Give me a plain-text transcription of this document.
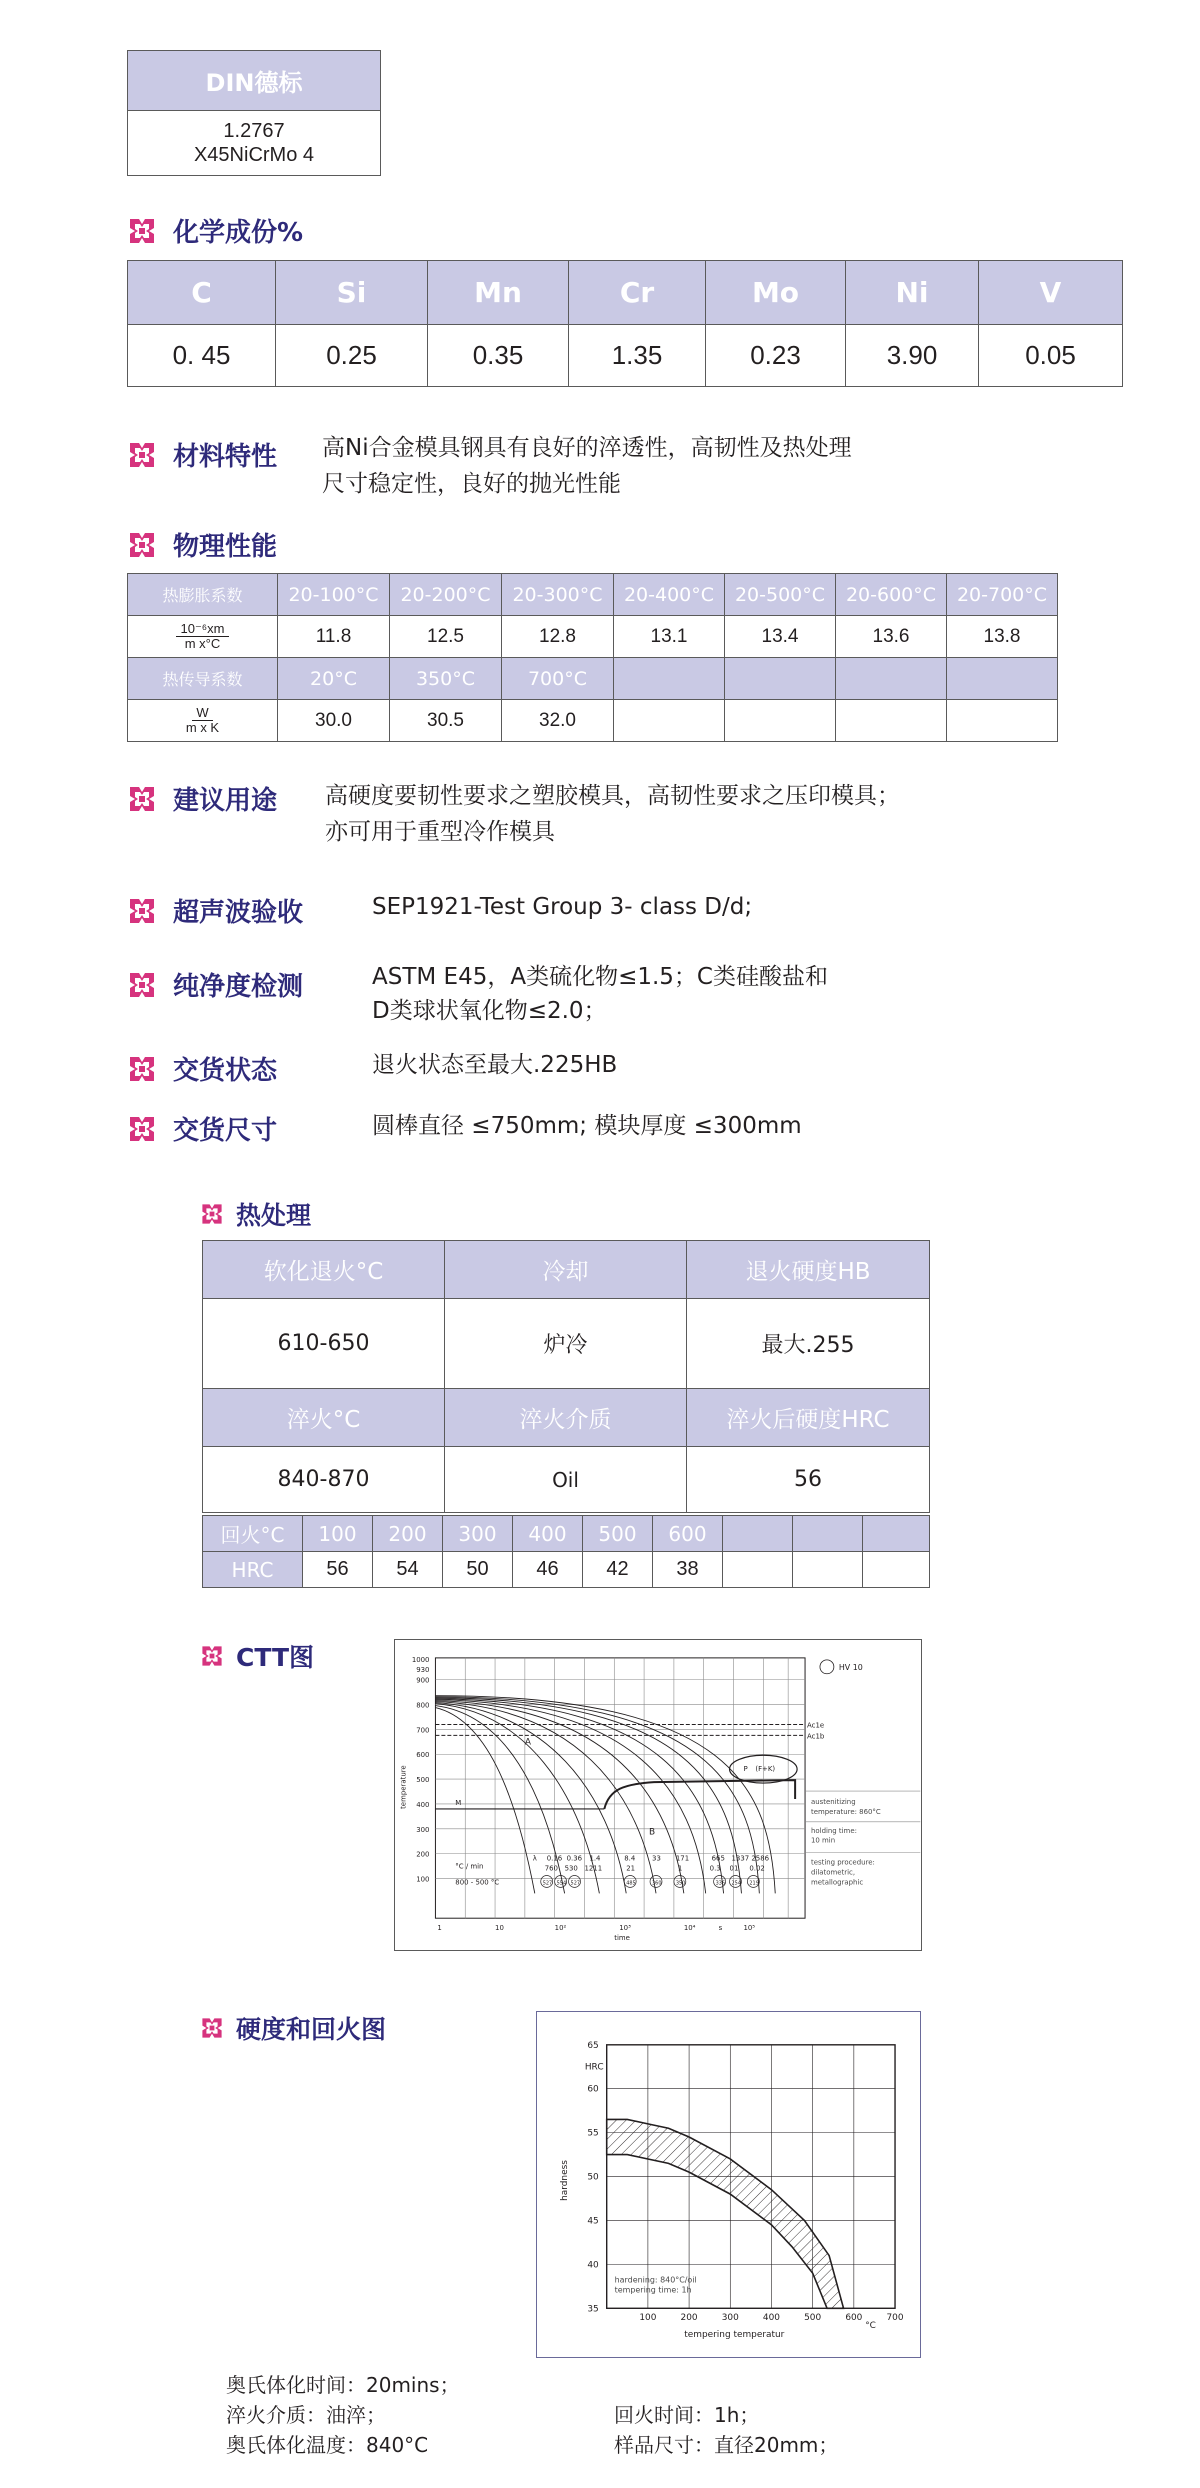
DIN德标
1.2767
X45NiCrMo 4
化学成份%
C	Si	Mn	Cr	Mo	Ni	V
0. 45	0.25	0.35	1.35	0.23	3.90	0.05
材料特性 高Ni合金模具钢具有良好的淬透性，高韧性及热处理
尺寸稳定性，良好的抛光性能
物理性能
热膨胀系数	20-100°C	20-200°C	20-300°C	20-400°C	20-500°C	20-600°C	20-700°C

$\frac{\text{10⁻⁶xm}}{\text{m x°C}}$	11.8	12.5	12.8	13.1	13.4	13.6	13.8
热传导系数	20°C	350°C	700°C				

$\frac{W}{\text{m x K}}$	30.0	30.5	32.0				
建议用途 高硬度要韧性要求之塑胶模具，高韧性要求之压印模具；
亦可用于重型冷作模具
超声波验收	SEP1921-Test Group 3- class D/d;
纯净度检测	ASTM E45，A类硫化物≤1.5；C类硅酸盐和
D类球状氧化物≤2.0；
交货状态	退火状态至最大.225HB
交货尺寸	圆棒直径 ≤750mm; 模块厚度 ≤300mm
热处理
软化退火°C	冷却	退火硬度HB
610-650	炉冷	最大.255
淬火°C	淬火介质	淬火后硬度HRC
840-870	Oil	56
回火°C	100	200	300	400	500	600			
HRC	56	54	50	46	42	38			
CTT图	1000
930
900
800
700
600
500
400
300
200
100
temperature
1	10	10²	10³	10⁴	s	10⁵
time
A
B
M
Ac1e
Ac1b
P (F+K)
°C / min
800 - 500 °C
λ 0.16 0.36 1.4	8.4 33 171	665 1337 2586
760 530 1211	21	1	0.3 01 0.02
527 554 527	485	360	350	336 254 219
HV 10
austenitizing
temperature: 860°C
holding time:
10 min
testing procedure:
dilatometric,
metallographic
硬度和回火图
35
40
45
50
55
60
65
100	200	300	400	500	600	700
HRC
hardness
°C
tempering temperatur
hardening: 840°C/oil
tempering time: 1h
奥氏体化时间：20mins；
淬火介质：油淬；
奥氏体化温度：840°C
回火时间：1h；
样品尺寸：直径20mm；
